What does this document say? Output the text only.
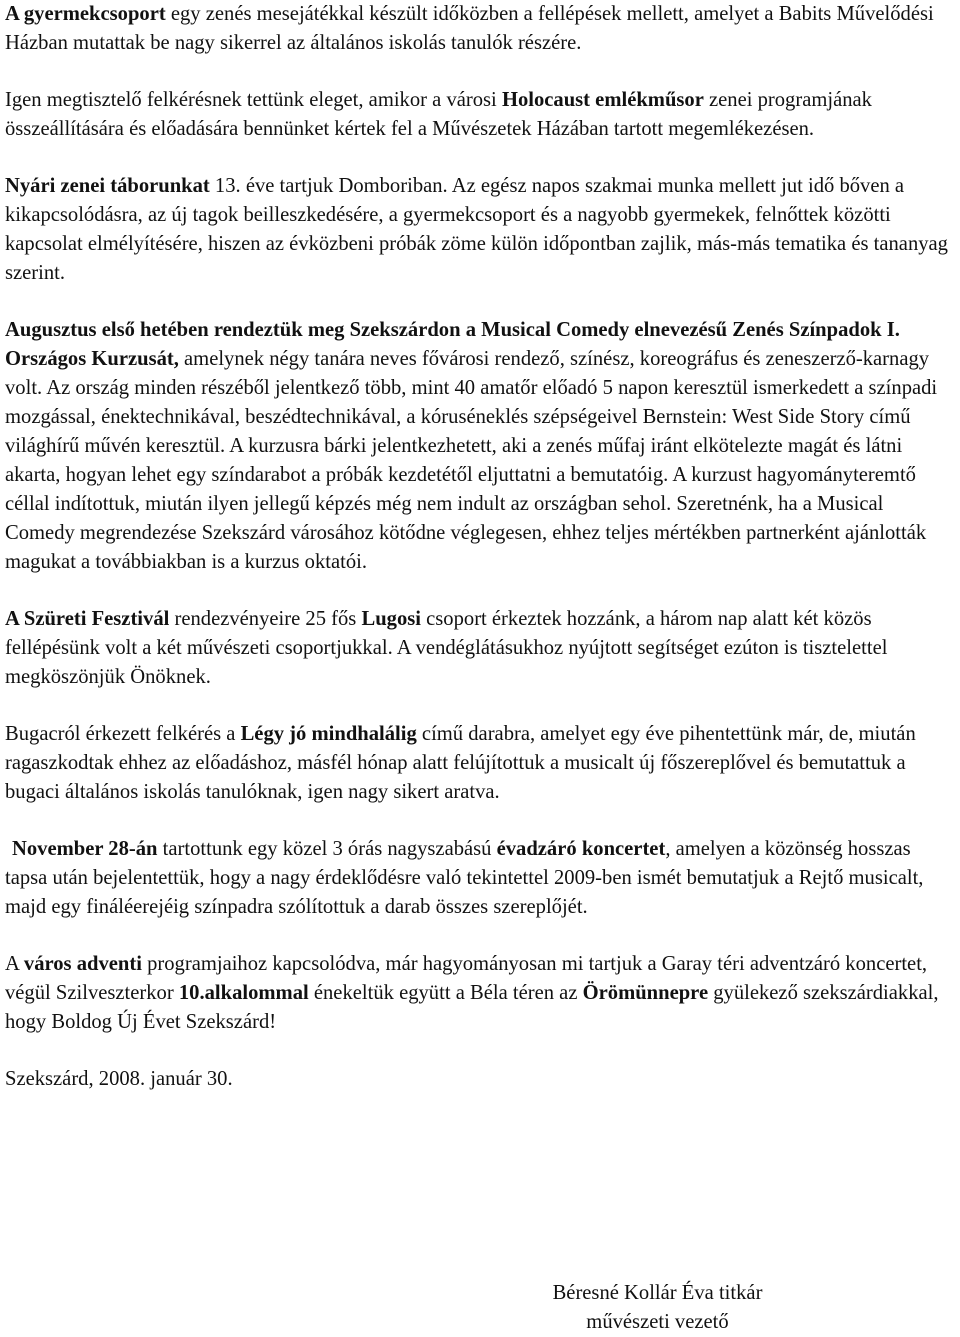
A gyermekcsoport egy zenés mesejátékkal készült időközben a fellépések mellett, amelyet a Babits Művelődési Házban mutattak be nagy sikerrel az általános iskolás tanulók részére.

Igen megtisztelő felkérésnek tettünk eleget, amikor a városi Holocaust emlékműsor zenei programjának összeállítására és előadására bennünket kértek fel a Művészetek Házában tartott megemlékezésen.

Nyári zenei táborunkat 13. éve tartjuk Domboriban. Az egész napos szakmai munka mellett jut idő bőven a kikapcsolódásra, az új tagok beilleszkedésére, a gyermekcsoport és a nagyobb gyermekek, felnőttek közötti kapcsolat elmélyítésére, hiszen az évközbeni próbák zöme külön időpontban zajlik, más-más tematika és tananyag szerint.

Augusztus első hetében rendeztük meg Szekszárdon a Musical Comedy elnevezésű Zenés Színpadok I. Országos Kurzusát, amelynek négy tanára neves fővárosi rendező, színész, koreográfus és zeneszerző-karnagy volt. Az ország minden részéből jelentkező több, mint 40 amatőr előadó 5 napon keresztül ismerkedett a színpadi mozgással, énektechnikával, beszédtechnikával, a kóruséneklés szépségeivel Bernstein: West Side Story című világhírű művén keresztül. A kurzusra bárki jelentkezhetett, aki a zenés műfaj iránt elkötelezte magát és látni akarta, hogyan lehet egy színdarabot a próbák kezdetétől eljuttatni a bemutatóig. A kurzust hagyományteremtő céllal indítottuk, miután ilyen jellegű képzés még nem indult az országban sehol. Szeretnénk, ha a Musical Comedy megrendezése Szekszárd városához kötődne véglegesen, ehhez teljes mértékben partnerként ajánlották magukat a továbbiakban is a kurzus oktatói.

A Szüreti Fesztivál rendezvényeire 25 fős Lugosi csoport érkeztek hozzánk, a három nap alatt két közös fellépésünk volt a két művészeti csoportjukkal. A vendéglátásukhoz nyújtott segítséget ezúton is tisztelettel megköszönjük Önöknek.

Bugacról érkezett felkérés a Légy jó mindhalálig című darabra, amelyet egy éve pihentettünk már, de, miután ragaszkodtak ehhez az előadáshoz, másfél hónap alatt felújítottuk a musicalt új főszereplővel és bemutattuk a bugaci általános iskolás tanulóknak, igen nagy sikert aratva.

November 28-án tartottunk egy közel 3 órás nagyszabású évadzáró koncertet, amelyen a közönség hosszas tapsa után bejelentettük, hogy a nagy érdeklődésre való tekintettel 2009-ben ismét bemutatjuk a Rejtő musicalt, majd egy fináléerejéig színpadra szólítottuk a darab összes szereplőjét.

A város adventi programjaihoz kapcsolódva, már hagyományosan mi tartjuk a Garay téri adventzáró koncertet, végül Szilveszterkor 10.alkalommal énekeltük együtt a Béla téren az Örömünnepre gyülekező szekszárdiakkal, hogy Boldog Új Évet Szekszárd!

Szekszárd, 2008. január 30.

Béresné Kollár Éva titkár
művészeti vezető
